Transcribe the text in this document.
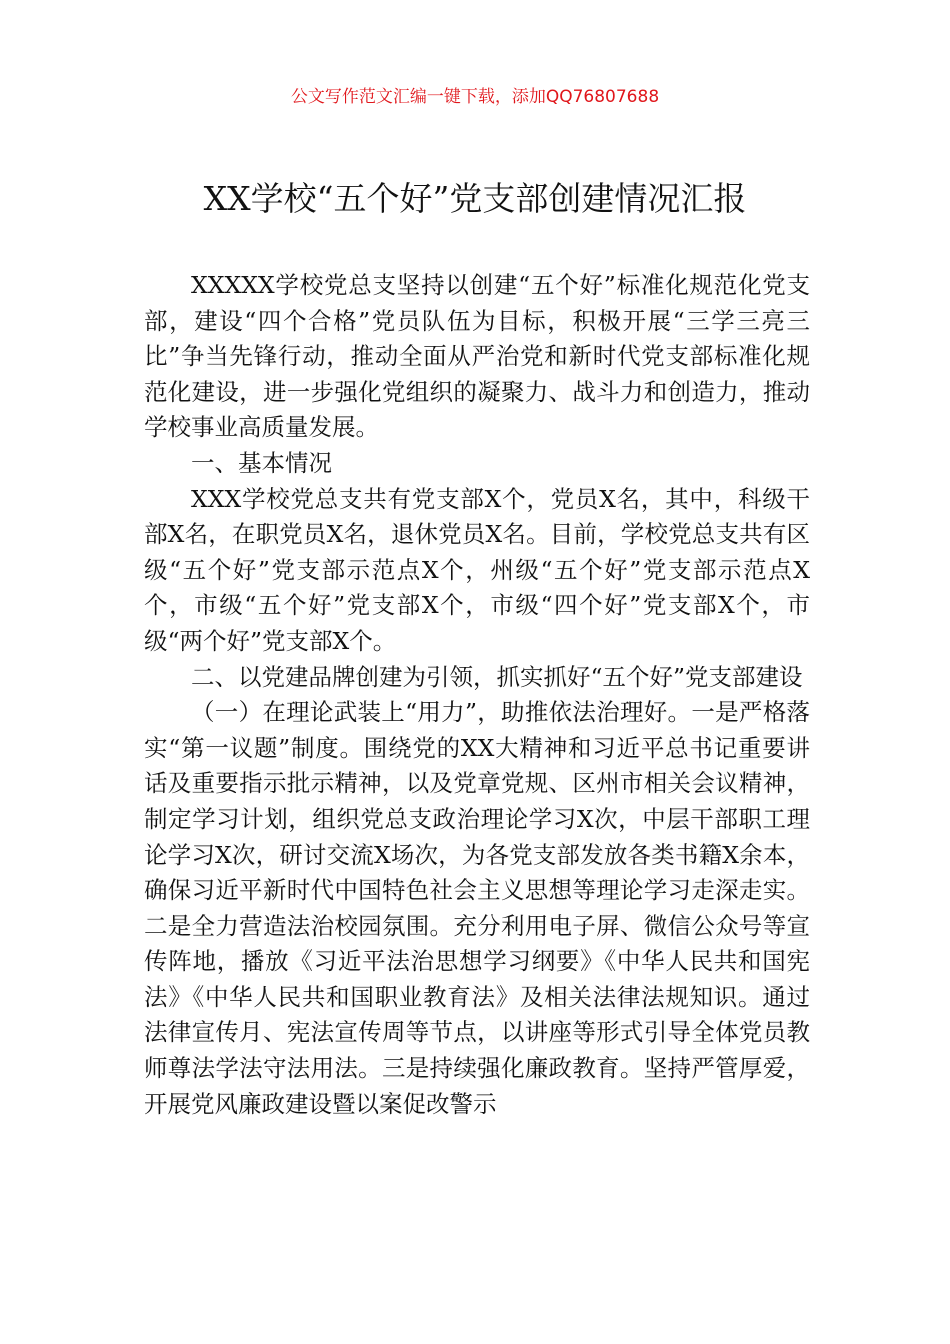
公文写作范文汇编一键下载，添加QQ76807688
XX学校“五个好”党支部创建情况汇报

XXXXX学校党总支坚持以创建“五个好”标准化规范化党支部，建设“四个合格”党员队伍为目标，积极开展“三学三亮三比”争当先锋行动，推动全面从严治党和新时代党支部标准化规范化建设，进一步强化党组织的凝聚力、战斗力和创造力，推动学校事业高质量发展。

一、基本情况

XXX学校党总支共有党支部X个，党员X名，其中，科级干部X名，在职党员X名，退休党员X名。目前，学校党总支共有区级“五个好”党支部示范点X个，州级“五个好”党支部示范点X个，市级“五个好”党支部X个，市级“四个好”党支部X个，市级“两个好”党支部X个。

二、以党建品牌创建为引领，抓实抓好“五个好”党支部建设

（一）在理论武装上“用力”，助推依法治理好。一是严格落实“第一议题”制度。围绕党的XX大精神和习近平总书记重要讲话及重要指示批示精神，以及党章党规、区州市相关会议精神，制定学习计划，组织党总支政治理论学习X次，中层干部职工理论学习X次，研讨交流X场次，为各党支部发放各类书籍X余本，确保习近平新时代中国特色社会主义思想等理论学习走深走实。二是全力营造法治校园氛围。充分利用电子屏、微信公众号等宣传阵地，播放《习近平法治思想学习纲要》《中华人民共和国宪法》《中华人民共和国职业教育法》及相关法律法规知识。通过法律宣传月、宪法宣传周等节点，以讲座等形式引导全体党员教师尊法学法守法用法。三是持续强化廉政教育。坚持严管厚爱，开展党风廉政建设暨以案促改警示
